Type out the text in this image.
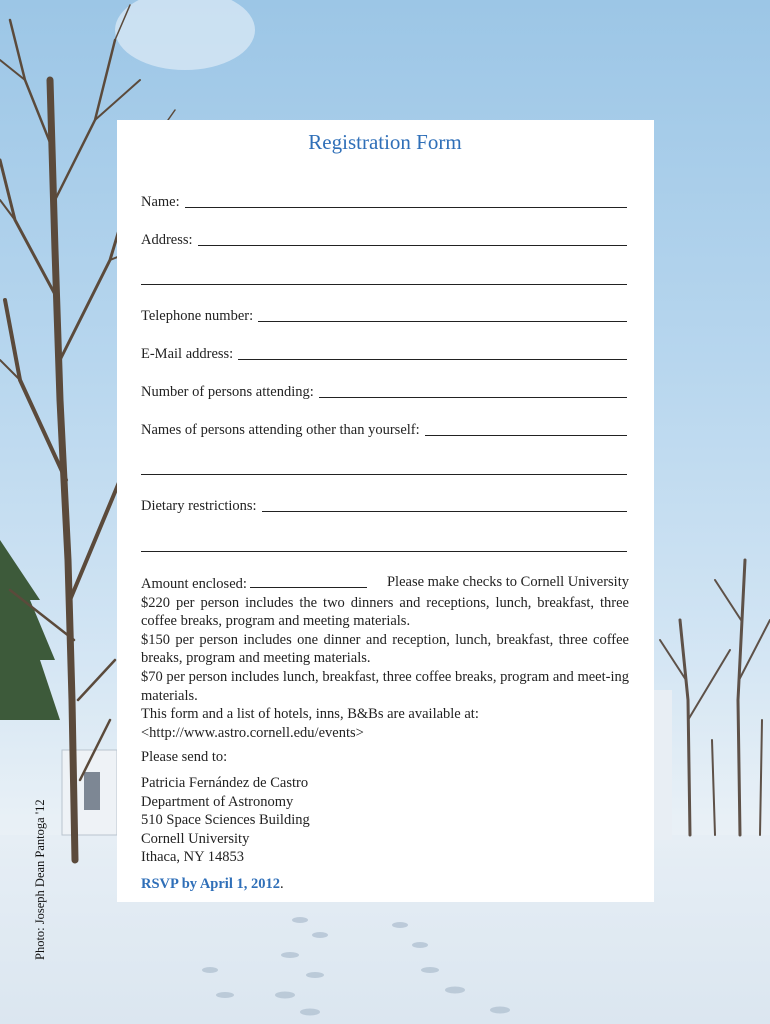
Photo: Joseph Dean Pantoga '12
Registration Form
Name:
Address:
Telephone number:
E-Mail address:
Number of persons attending:
Names of persons attending other than yourself:
Dietary restrictions:

Amount enclosed:	Please make checks to Cornell University

$220 per person includes the two dinners and receptions, lunch, breakfast, three coffee breaks, program and meeting materials.

$150 per person includes one dinner and reception, lunch, breakfast, three coffee breaks, program and meeting materials.

$70 per person includes lunch, breakfast, three coffee breaks, program and meet-ing materials.

This form and a list of hotels, inns, B&Bs are available at:

<http://www.astro.cornell.edu/events>

Please send to:

Patricia Fernández de Castro

Department of Astronomy

510 Space Sciences Building

Cornell University

Ithaca, NY 14853

RSVP by April 1, 2012.
